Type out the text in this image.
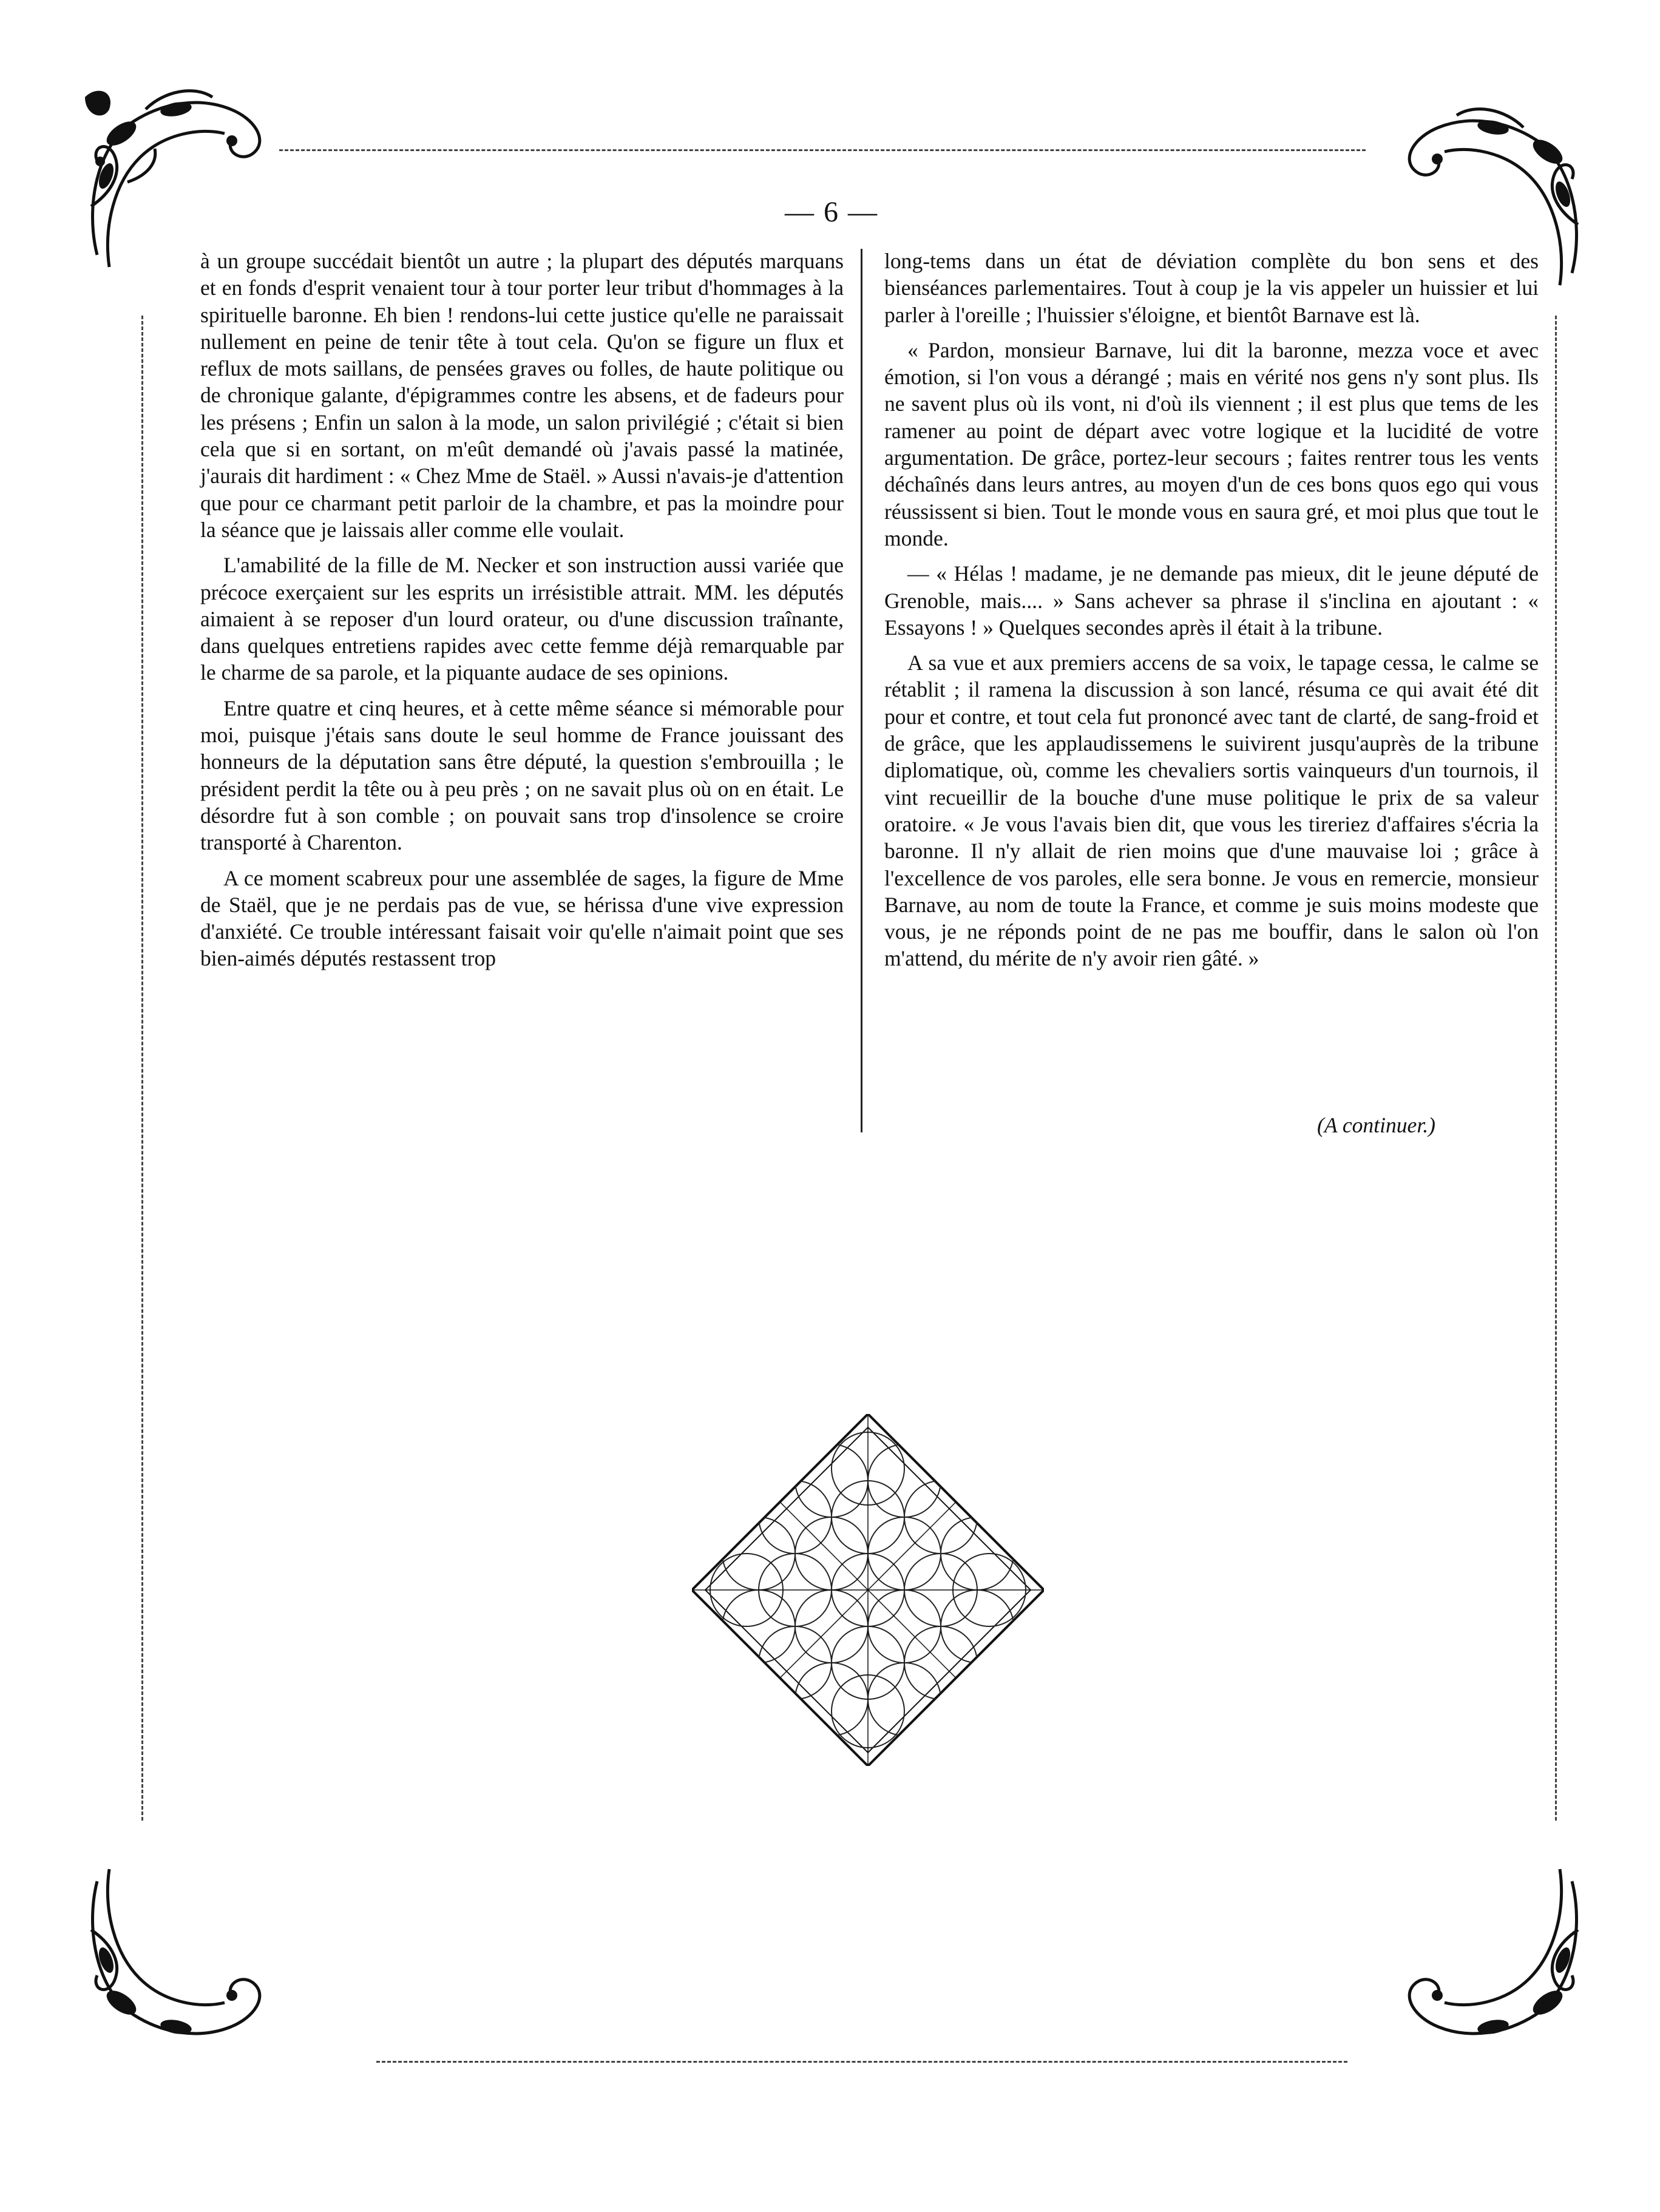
— 6 —

à un groupe succédait bientôt un autre ; la plupart des députés marquans et en fonds d'esprit venaient tour à tour porter leur tribut d'hommages à la spirituelle baronne. Eh bien ! rendons-lui cette justice qu'elle ne paraissait nullement en peine de tenir tête à tout cela. Qu'on se figure un flux et reflux de mots saillans, de pensées graves ou folles, de haute politique ou de chronique galante, d'épigrammes contre les absens, et de fadeurs pour les présens ; Enfin un salon à la mode, un salon privilégié ; c'était si bien cela que si en sortant, on m'eût demandé où j'avais passé la matinée, j'aurais dit hardiment : « Chez Mme de Staël. » Aussi n'avais-je d'attention que pour ce charmant petit parloir de la chambre, et pas la moindre pour la séance que je laissais aller comme elle voulait.

L'amabilité de la fille de M. Necker et son instruction aussi variée que précoce exerçaient sur les esprits un irrésistible attrait. MM. les députés aimaient à se reposer d'un lourd orateur, ou d'une discussion traînante, dans quelques entretiens rapides avec cette femme déjà remarquable par le charme de sa parole, et la piquante audace de ses opinions.

Entre quatre et cinq heures, et à cette même séance si mémorable pour moi, puisque j'étais sans doute le seul homme de France jouissant des honneurs de la députation sans être député, la question s'embrouilla ; le président perdit la tête ou à peu près ; on ne savait plus où on en était. Le désordre fut à son comble ; on pouvait sans trop d'insolence se croire transporté à Charenton.

A ce moment scabreux pour une assemblée de sages, la figure de Mme de Staël, que je ne perdais pas de vue, se hérissa d'une vive expression d'anxiété. Ce trouble intéressant faisait voir qu'elle n'aimait point que ses bien-aimés députés restassent trop

long-tems dans un état de déviation complète du bon sens et des bienséances parlementaires. Tout à coup je la vis appeler un huissier et lui parler à l'oreille ; l'huissier s'éloigne, et bientôt Barnave est là.

« Pardon, monsieur Barnave, lui dit la baronne, mezza voce et avec émotion, si l'on vous a dérangé ; mais en vérité nos gens n'y sont plus. Ils ne savent plus où ils vont, ni d'où ils viennent ; il est plus que tems de les ramener au point de départ avec votre logique et la lucidité de votre argumentation. De grâce, portez-leur secours ; faites rentrer tous les vents déchaînés dans leurs antres, au moyen d'un de ces bons quos ego qui vous réussissent si bien. Tout le monde vous en saura gré, et moi plus que tout le monde.

— « Hélas ! madame, je ne demande pas mieux, dit le jeune député de Grenoble, mais.... » Sans achever sa phrase il s'inclina en ajoutant : « Essayons ! » Quelques secondes après il était à la tribune.

A sa vue et aux premiers accens de sa voix, le tapage cessa, le calme se rétablit ; il ramena la discussion à son lancé, résuma ce qui avait été dit pour et contre, et tout cela fut prononcé avec tant de clarté, de sang-froid et de grâce, que les applaudissemens le suivirent jusqu'auprès de la tribune diplomatique, où, comme les chevaliers sortis vainqueurs d'un tournois, il vint recueillir de la bouche d'une muse politique le prix de sa valeur oratoire. « Je vous l'avais bien dit, que vous les tireriez d'affaires s'écria la baronne. Il n'y allait de rien moins que d'une mauvaise loi ; grâce à l'excellence de vos paroles, elle sera bonne. Je vous en remercie, monsieur Barnave, au nom de toute la France, et comme je suis moins modeste que vous, je ne réponds point de ne pas me bouffir, dans le salon où l'on m'attend, du mérite de n'y avoir rien gâté. »

(A continuer.)
